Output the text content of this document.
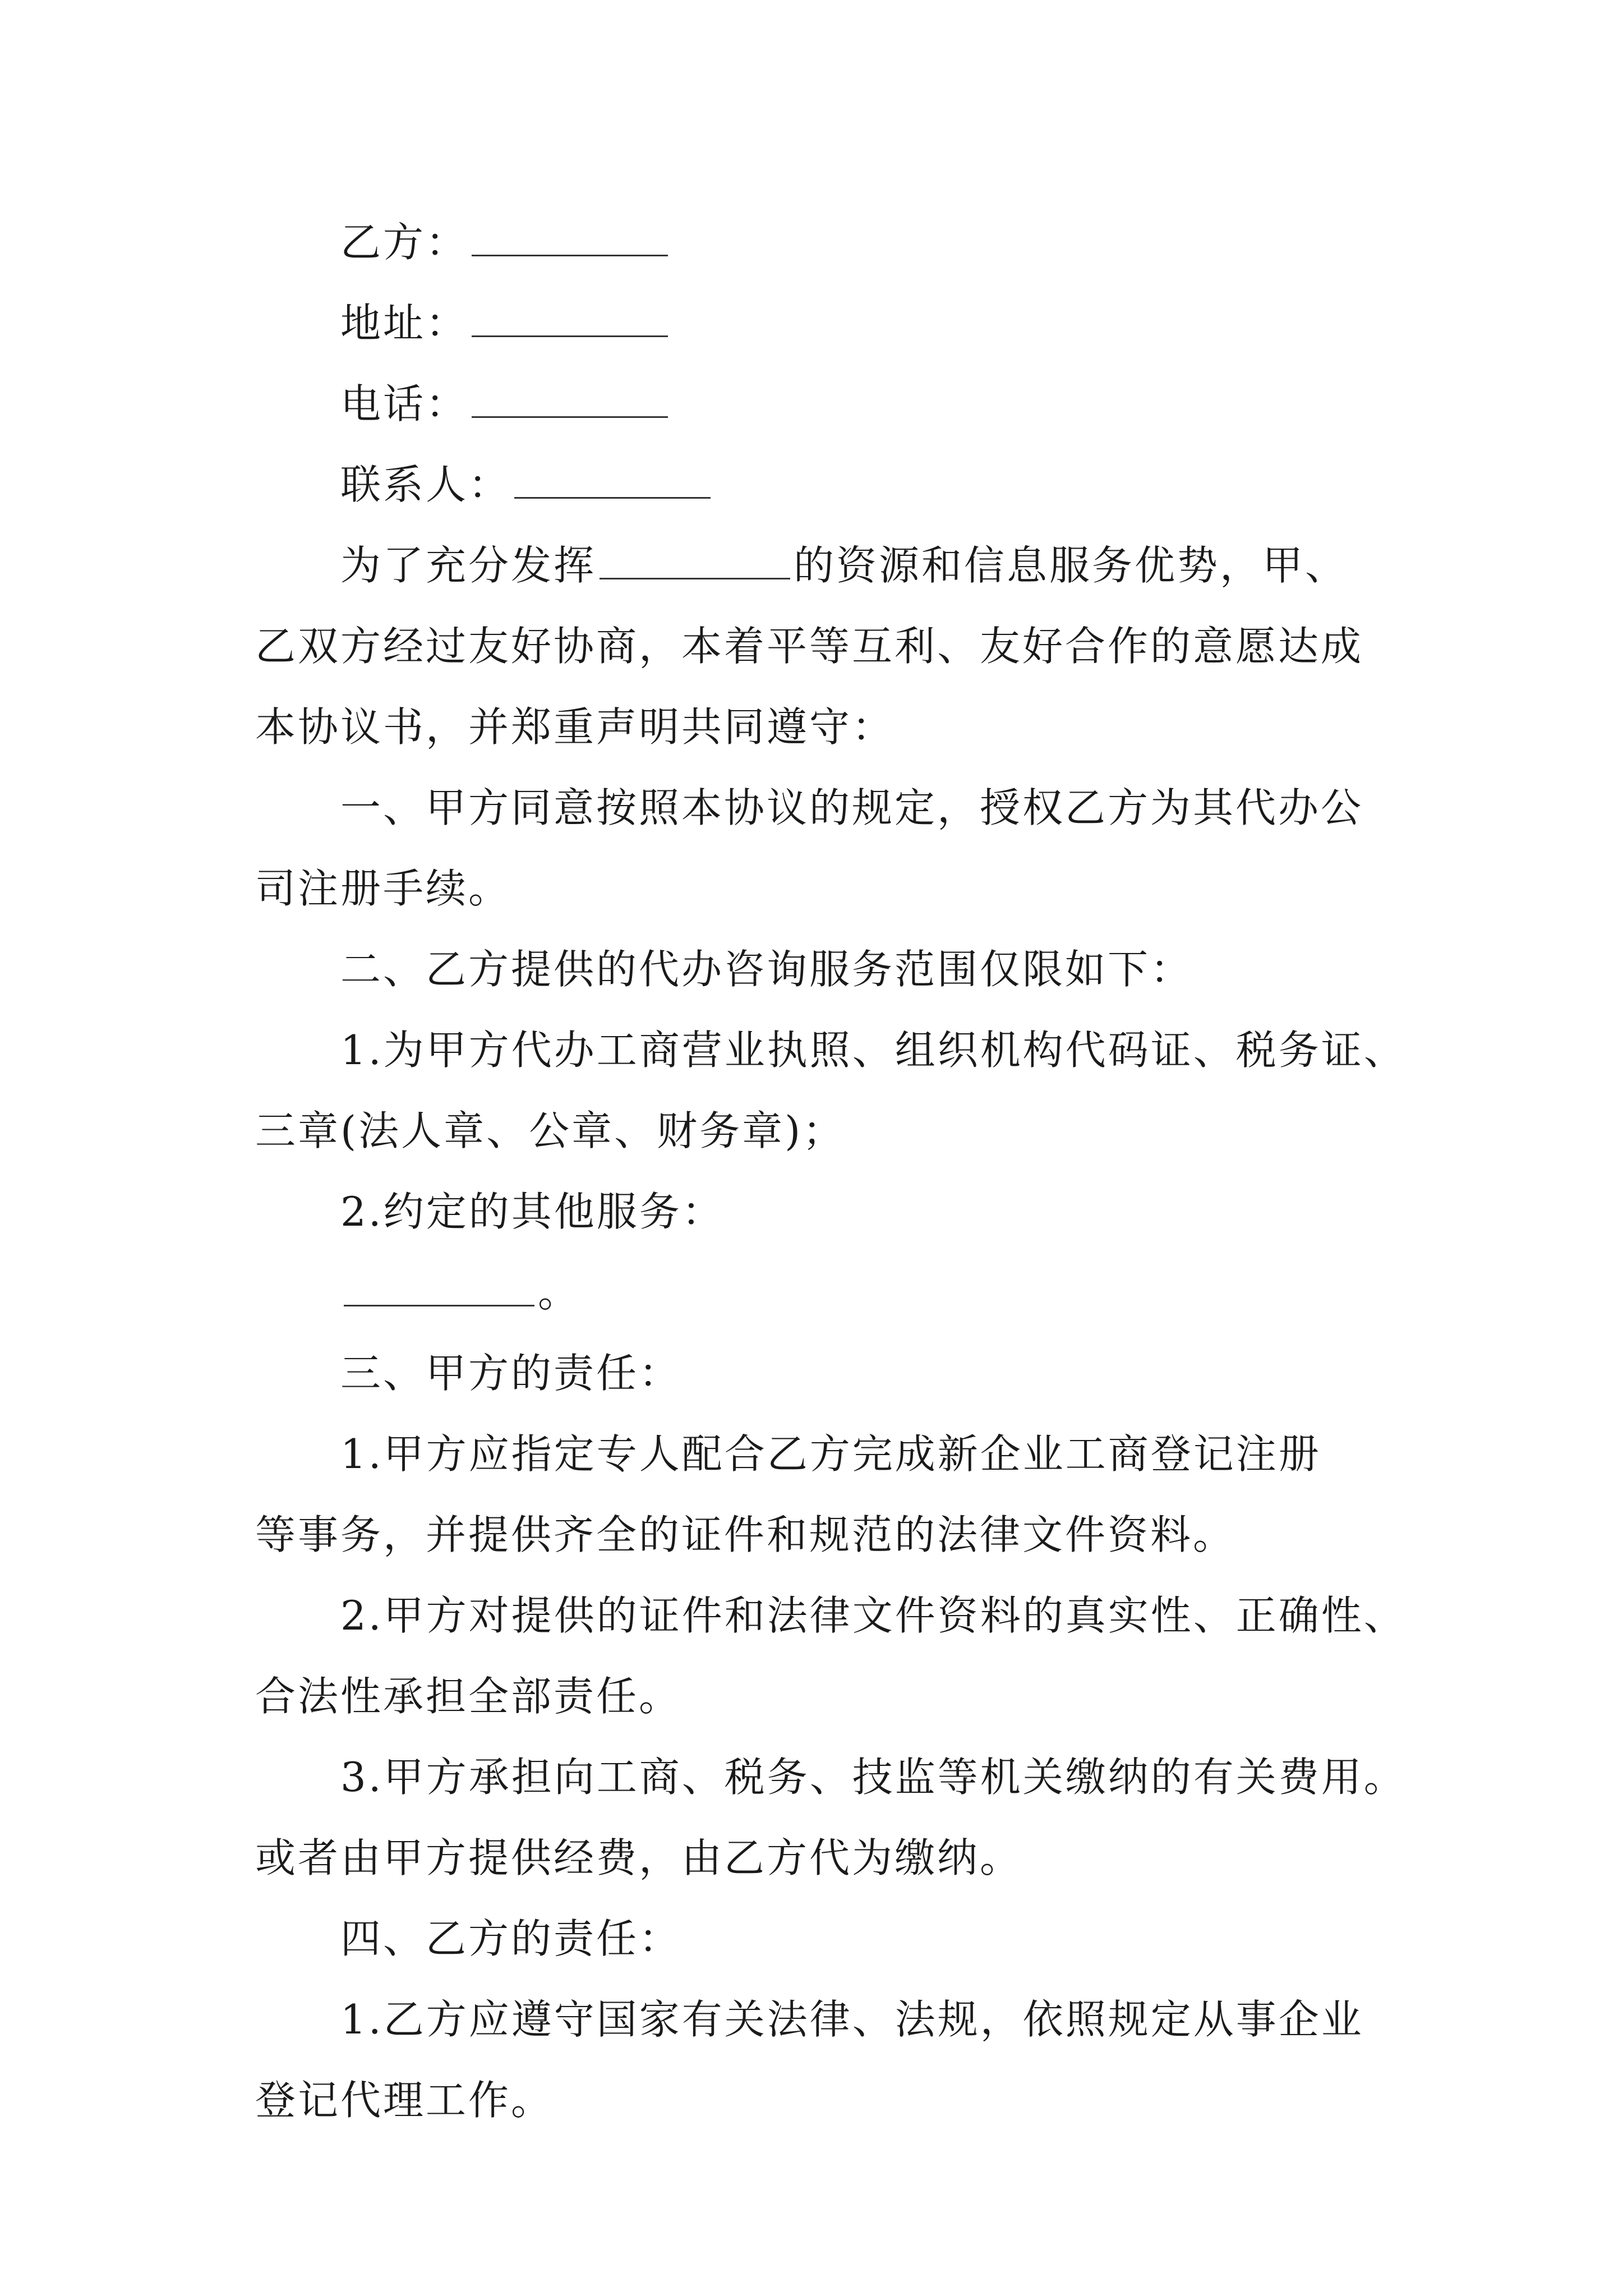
乙方：
地址：
电话：
联系人：
为了充分发挥	的资源和信息服务优势，甲、
乙双方经过友好协商，本着平等互利、友好合作的意愿达成
本协议书，并郑重声明共同遵守：
一、甲方同意按照本协议的规定，授权乙方为其代办公
司注册手续。
二、乙方提供的代办咨询服务范围仅限如下：
1.为甲方代办工商营业执照、组织机构代码证、税务证、
三章(法人章、公章、财务章)；
2.约定的其他服务：
。
三、甲方的责任：
1.甲方应指定专人配合乙方完成新企业工商登记注册
等事务，并提供齐全的证件和规范的法律文件资料。
2.甲方对提供的证件和法律文件资料的真实性、正确性、
合法性承担全部责任。
3.甲方承担向工商、税务、技监等机关缴纳的有关费用。
或者由甲方提供经费，由乙方代为缴纳。
四、乙方的责任：
1.乙方应遵守国家有关法律、法规，依照规定从事企业
登记代理工作。
